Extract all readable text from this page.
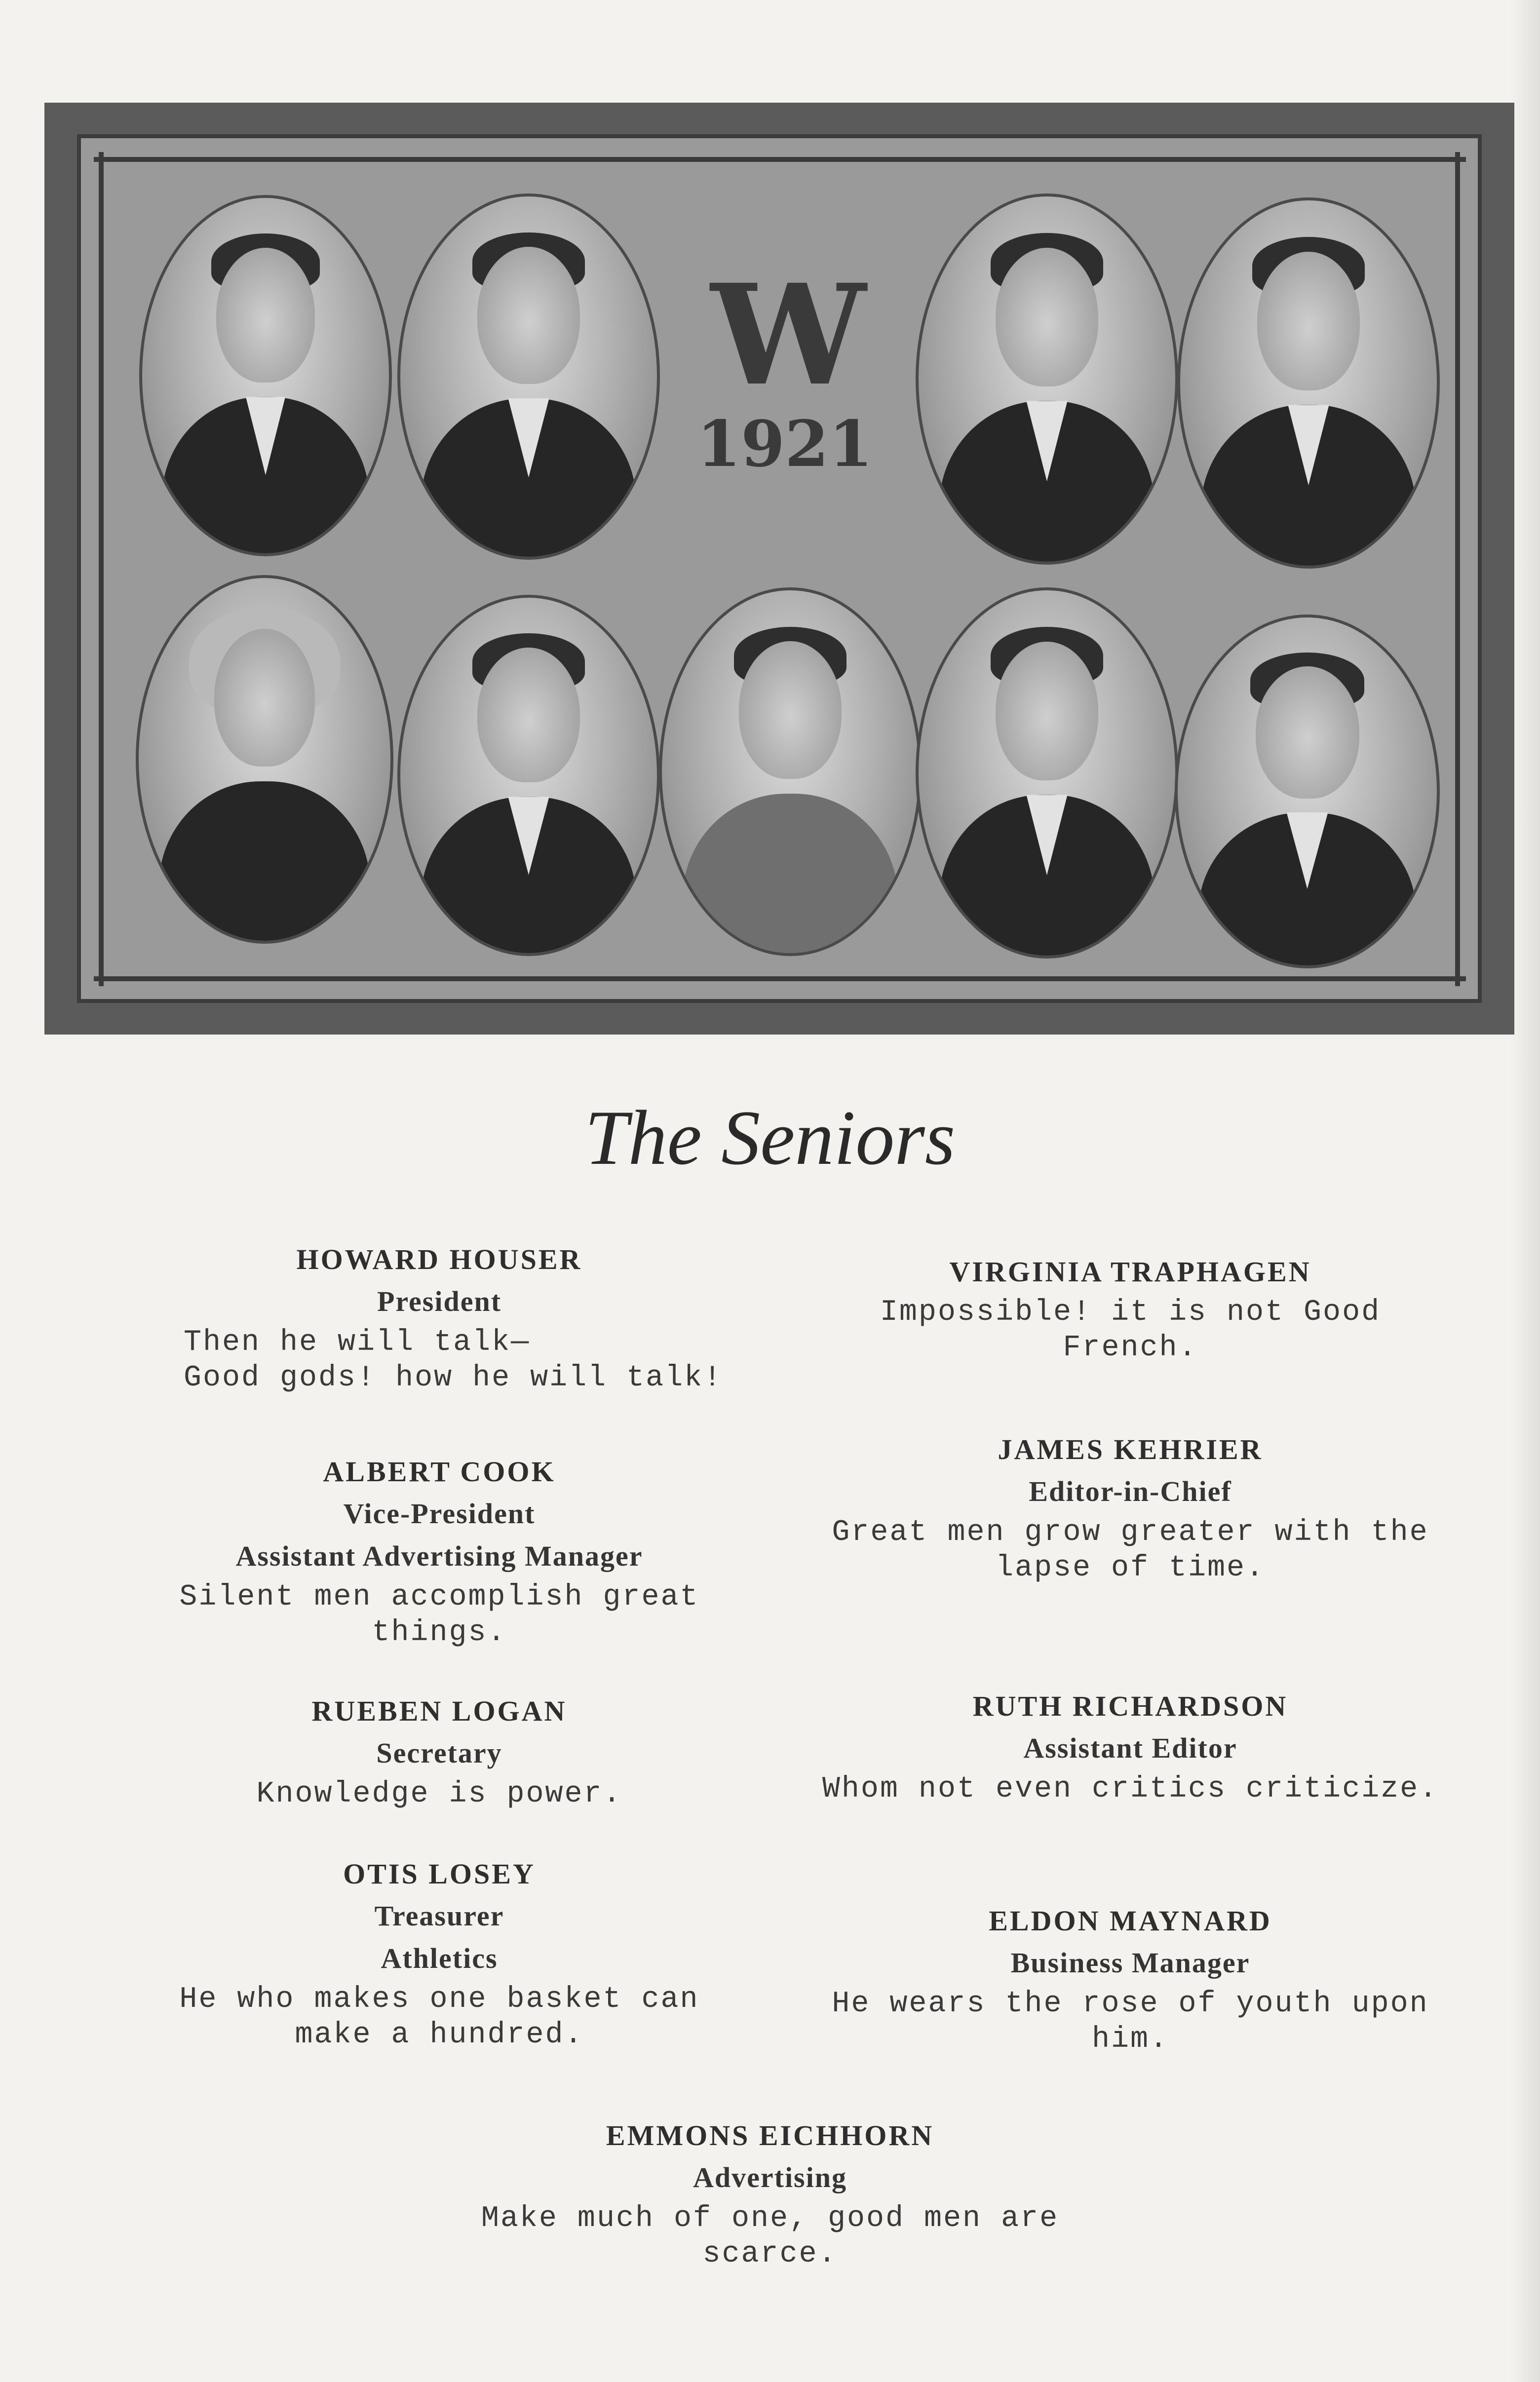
W
1921
The Seniors
HOWARD HOUSER
President
Then he will talk—
Good gods! how he will talk!
ALBERT COOK
Vice-President
Assistant Advertising Manager
Silent men accomplish great
things.
RUEBEN LOGAN
Secretary
Knowledge is power.
OTIS LOSEY
Treasurer
Athletics
He who makes one basket can
make a hundred.
VIRGINIA TRAPHAGEN
Impossible! it is not Good French.
JAMES KEHRIER
Editor-in-Chief
Great men grow greater with the
lapse of time.
RUTH RICHARDSON
Assistant Editor
Whom not even critics criticize.
ELDON MAYNARD
Business Manager
He wears the rose of youth upon
him.
EMMONS EICHHORN
Advertising
Make much of one, good men are
scarce.
